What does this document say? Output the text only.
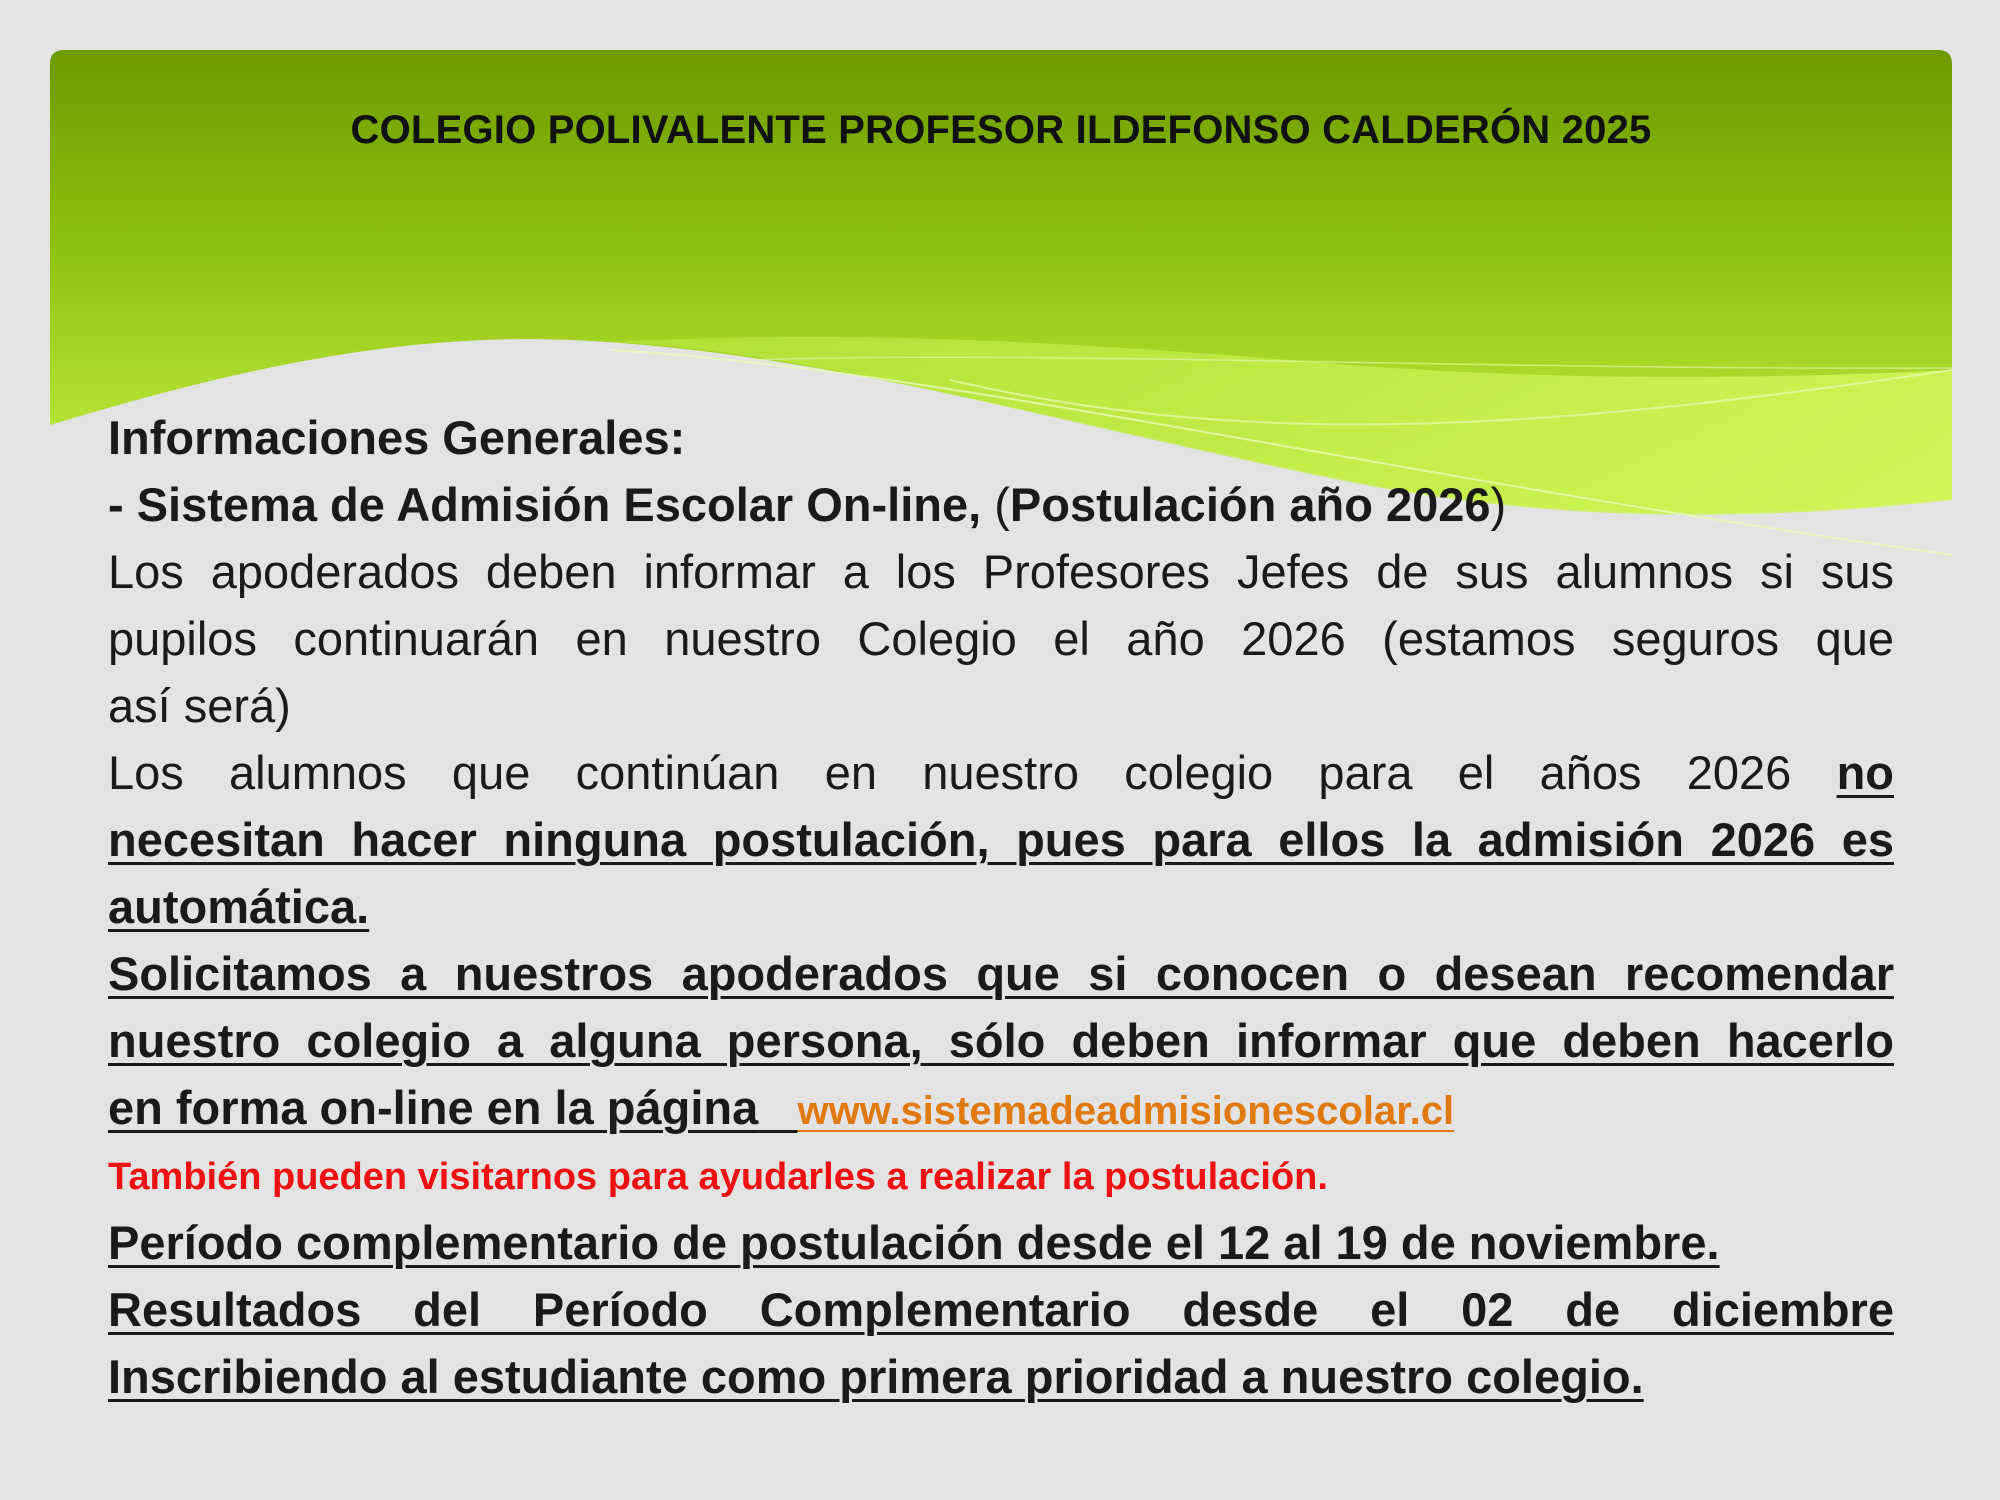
COLEGIO POLIVALENTE PROFESOR ILDEFONSO CALDERÓN 2025

Informaciones Generales:

- Sistema de Admisión Escolar On-line, (Postulación año 2026)

Los apoderados deben informar a los Profesores Jefes de sus alumnos si sus

pupilos continuarán en nuestro Colegio el año 2026 (estamos seguros que

así será)

Los alumnos que continúan en nuestro colegio para el años 2026 no

necesitan hacer ninguna postulación, pues para ellos la admisión 2026 es

automática.

Solicitamos a nuestros apoderados que si conocen o desean recomendar

nuestro colegio a alguna persona, sólo deben informar que deben hacerlo

en forma on-line en la página www.sistemadeadmisionescolar.cl

También pueden visitarnos para ayudarles a realizar la postulación.

Período complementario de postulación desde el 12 al 19 de noviembre.

Resultados del Período Complementario desde el 02 de diciembre

Inscribiendo al estudiante como primera prioridad a nuestro colegio.
